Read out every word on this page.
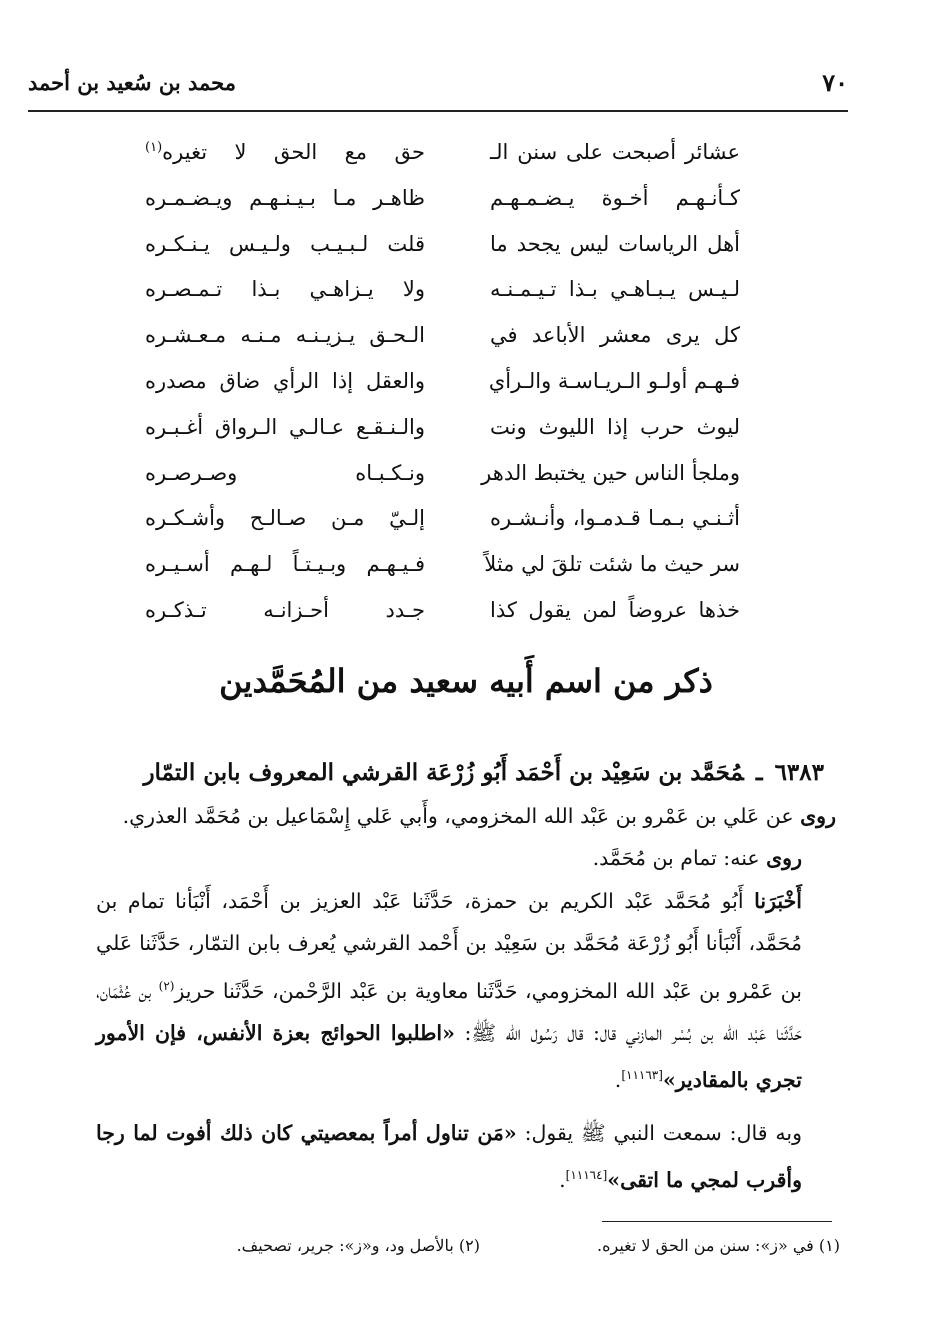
٧٠
محمد بن سُعيد بن أحمد
عشائر أصبحت على سنن الـ
حق مع الحق لا تغيره$^{(١)}$
كـأنـهـم أخـوة يـضـمـهـم
ظاهـر مـا بـيـنـهـم ويـضـمـره
أهل الرياسات ليس يجحد ما
قلت لـبـيـب ولـيـس يـنـكـره
لـيـس يـبـاهـي بـذا تـيـمـنـه
ولا يـزاهـي بـذا تـمـصـره
كل يرى معشر الأباعد في
الـحـق يـزيـنـه مـنـه مـعـشـره
فـهـم أولـو الـريـاسـة والـرأي
والعقل إذا الرأي ضاق مصدره
ليوث حرب إذا الليوث ونت
والـنـقـع عـالـي الـرواق أغـبـره
وملجأ الناس حين يختبط الدهر
ونـكـبـاه وصـرصـره
أثـنـي بـمـا قـدمـوا، وأنـشـره
إلـيّ مـن صـالـح وأشـكـره
سر حيث ما شئت تلقَ لي مثلاً
فـيـهـم وبـيـتـاً لـهـم أسـيـره
خذها عروضاً لمن يقول كذا
جـدد أحـزانـه تـذكـره
ذكر من اسم أَبيه سعيد من المُحَمَّدين

٦٣٨٣ـمُحَمَّد بن سَعِيْد بن أَحْمَد أَبُو زُرْعَة القرشي المعروف بابن التمّار

روى عن عَلي بن عَمْرو بن عَبْد الله المخزومي، وأَبي عَلي إِسْمَاعيل بن مُحَمَّد العذري.

روى عنه: تمام بن مُحَمَّد.

أَخْبَرَنا أَبُو مُحَمَّد عَبْد الكريم بن حمزة، حَدَّثَنا عَبْد العزيز بن أَحْمَد، أَنْبَأنا تمام بن مُحَمَّد، أَنْبَأنا أَبُو زُرْعَة مُحَمَّد بن سَعِيْد بن أَحْمد القرشي يُعرف بابن التمّار، حَدَّثَنا عَلي بن عَمْرو بن عَبْد الله المخزومي، حَدَّثَنا معاوية بن عَبْد الرَّحْمن، حَدَّثَنا حريز$^{(٢)}$ بن عُثْمَان، حَدَّثَنا عَبْد الله بن بُسْر المازني قال: قال رَسُول الله ﷺ: «اطلبوا الحوائج بعزة الأنفس، فإن الأمور تجري بالمقادير»[١١١٦٣].

وبه قال: سمعت النبي ﷺ يقول: «مَن تناول أمراً بمعصيتي كان ذلك أفوت لما رجا وأقرب لمجي ما اتقى»[١١١٦٤].

(١) في «ز»: سنن من الحق لا تغيره.
(٢) بالأصل ود، و«ز»: جرير، تصحيف.
